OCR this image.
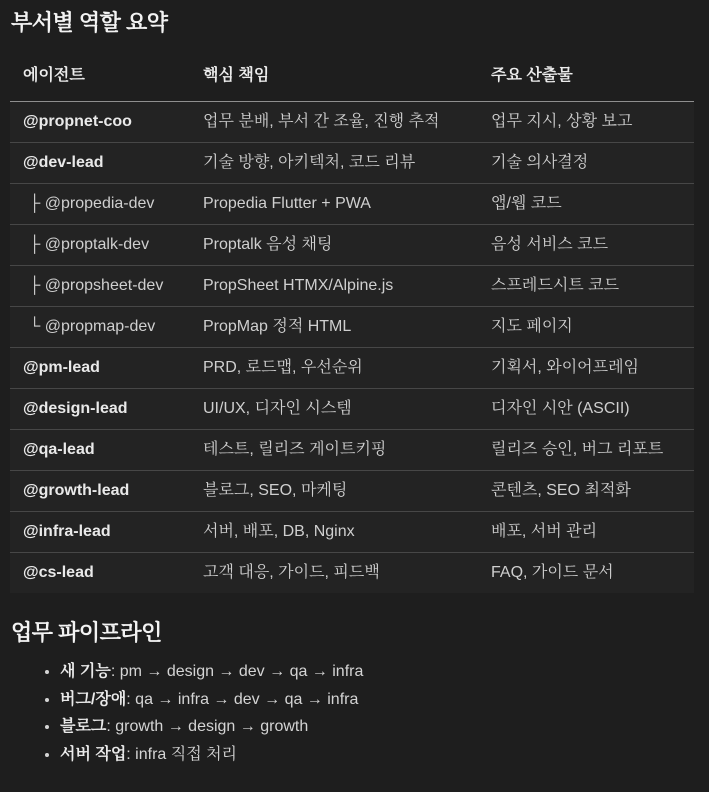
부서별 역할 요약
에이전트	핵심 책임	주요 산출물
@propnet-coo	업무 분배, 부서 간 조율, 진행 추적	업무 지시, 상황 보고
@dev-lead	기술 방향, 아키텍처, 코드 리뷰	기술 의사결정
├ @propedia-dev	Propedia Flutter + PWA	앱/웹 코드
├ @proptalk-dev	Proptalk 음성 채팅	음성 서비스 코드
├ @propsheet-dev	PropSheet HTMX/Alpine.js	스프레드시트 코드
└ @propmap-dev	PropMap 정적 HTML	지도 페이지
@pm-lead	PRD, 로드맵, 우선순위	기획서, 와이어프레임
@design-lead	UI/UX, 디자인 시스템	디자인 시안 (ASCII)
@qa-lead	테스트, 릴리즈 게이트키핑	릴리즈 승인, 버그 리포트
@growth-lead	블로그, SEO, 마케팅	콘텐츠, SEO 최적화
@infra-lead	서버, 배포, DB, Nginx	배포, 서버 관리
@cs-lead	고객 대응, 가이드, 피드백	FAQ, 가이드 문서
업무 파이프라인
• 새 기능: pm → design → dev → qa → infra
• 버그/장애: qa → infra → dev → qa → infra
• 블로그: growth → design → growth
• 서버 작업: infra 직접 처리
